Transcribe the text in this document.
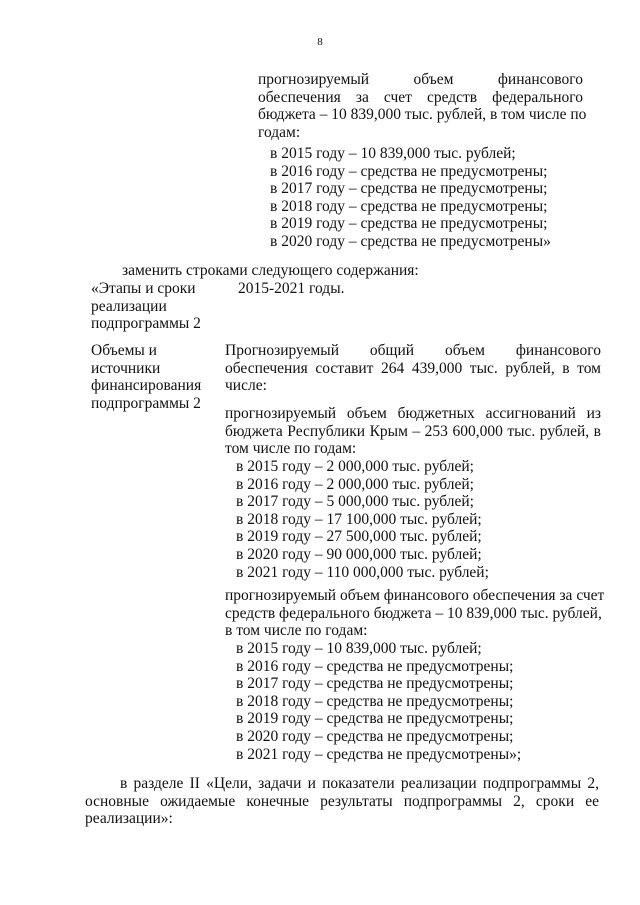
8
прогнозируемый объем финансового
обеспечения за счет средств федерального
бюджета – 10 839,000 тыс. рублей, в том числе по
годам:
в 2015 году – 10 839,000 тыс. рублей;
в 2016 году – средства не предусмотрены;
в 2017 году – средства не предусмотрены;
в 2018 году – средства не предусмотрены;
в 2019 году – средства не предусмотрены;
в 2020 году – средства не предусмотрены»
заменить строками следующего содержания:
«Этапы и сроки
реализации
подпрограммы 2
2015-2021 годы.
Объемы и
источники
финансирования
подпрограммы 2
Прогнозируемый общий объем финансового
обеспечения составит 264 439,000 тыс. рублей, в том
числе:
прогнозируемый объем бюджетных ассигнований из
бюджета Республики Крым – 253 600,000 тыс. рублей, в
том числе по годам:
в 2015 году – 2 000,000 тыс. рублей;
в 2016 году – 2 000,000 тыс. рублей;
в 2017 году – 5 000,000 тыс. рублей;
в 2018 году – 17 100,000 тыс. рублей;
в 2019 году – 27 500,000 тыс. рублей;
в 2020 году – 90 000,000 тыс. рублей;
в 2021 году – 110 000,000 тыс. рублей;
прогнозируемый объем финансового обеспечения за счет
средств федерального бюджета – 10 839,000 тыс. рублей,
в том числе по годам:
в 2015 году – 10 839,000 тыс. рублей;
в 2016 году – средства не предусмотрены;
в 2017 году – средства не предусмотрены;
в 2018 году – средства не предусмотрены;
в 2019 году – средства не предусмотрены;
в 2020 году – средства не предусмотрены;
в 2021 году – средства не предусмотрены»;
в разделе II «Цели, задачи и показатели реализации подпрограммы 2,
основные ожидаемые конечные результаты подпрограммы 2, сроки ее
реализации»:
